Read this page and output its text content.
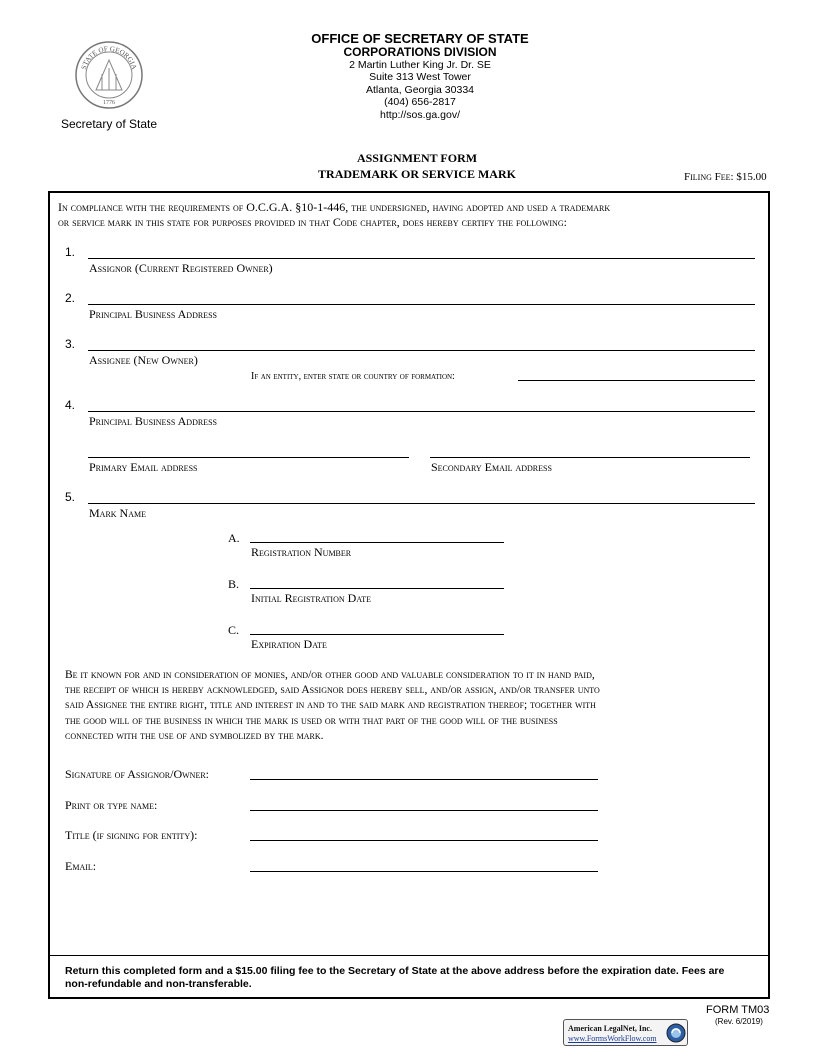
STATE OF GEORGIA
1776
Secretary of State
OFFICE OF SECRETARY OF STATE
CORPORATIONS DIVISION
2 Martin Luther King Jr. Dr. SE
Suite 313 West Tower
Atlanta, Georgia 30334
(404) 656-2817
http://sos.ga.gov/
ASSIGNMENT FORM
TRADEMARK OR SERVICE MARK	Filing Fee: $15.00
In compliance with the requirements of O.C.G.A. §10-1-446, the undersigned, having adopted and used a trademark
or service mark in this state for purposes provided in that Code chapter, does hereby certify the following:
1.
Assignor (Current Registered Owner)
2.
Principal Business Address
3.
Assignee (New Owner)
If an entity, enter state or country of formation:
4.
Principal Business Address
Primary Email address	Secondary Email address
5.
Mark Name
A.
Registration Number
B.
Initial Registration Date
C.
Expiration Date
Be it known for and in consideration of monies, and/or other good and valuable consideration to it in hand paid,
the receipt of which is hereby acknowledged, said Assignor does hereby sell, and/or assign, and/or transfer unto
said Assignee the entire right, title and interest in and to the said mark and registration thereof; together with
the good will of the business in which the mark is used or with that part of the good will of the business
connected with the use of and symbolized by the mark.
Signature of Assignor/Owner:
Print or type name:
Title (if signing for entity):
Email:
Return this completed form and a $15.00 filing fee to the Secretary of State at the above address before the expiration date. Fees are
non-refundable and non-transferable.
FORM TM03
(Rev. 6/2019)
American LegalNet, Inc.
www.FormsWorkFlow.com
